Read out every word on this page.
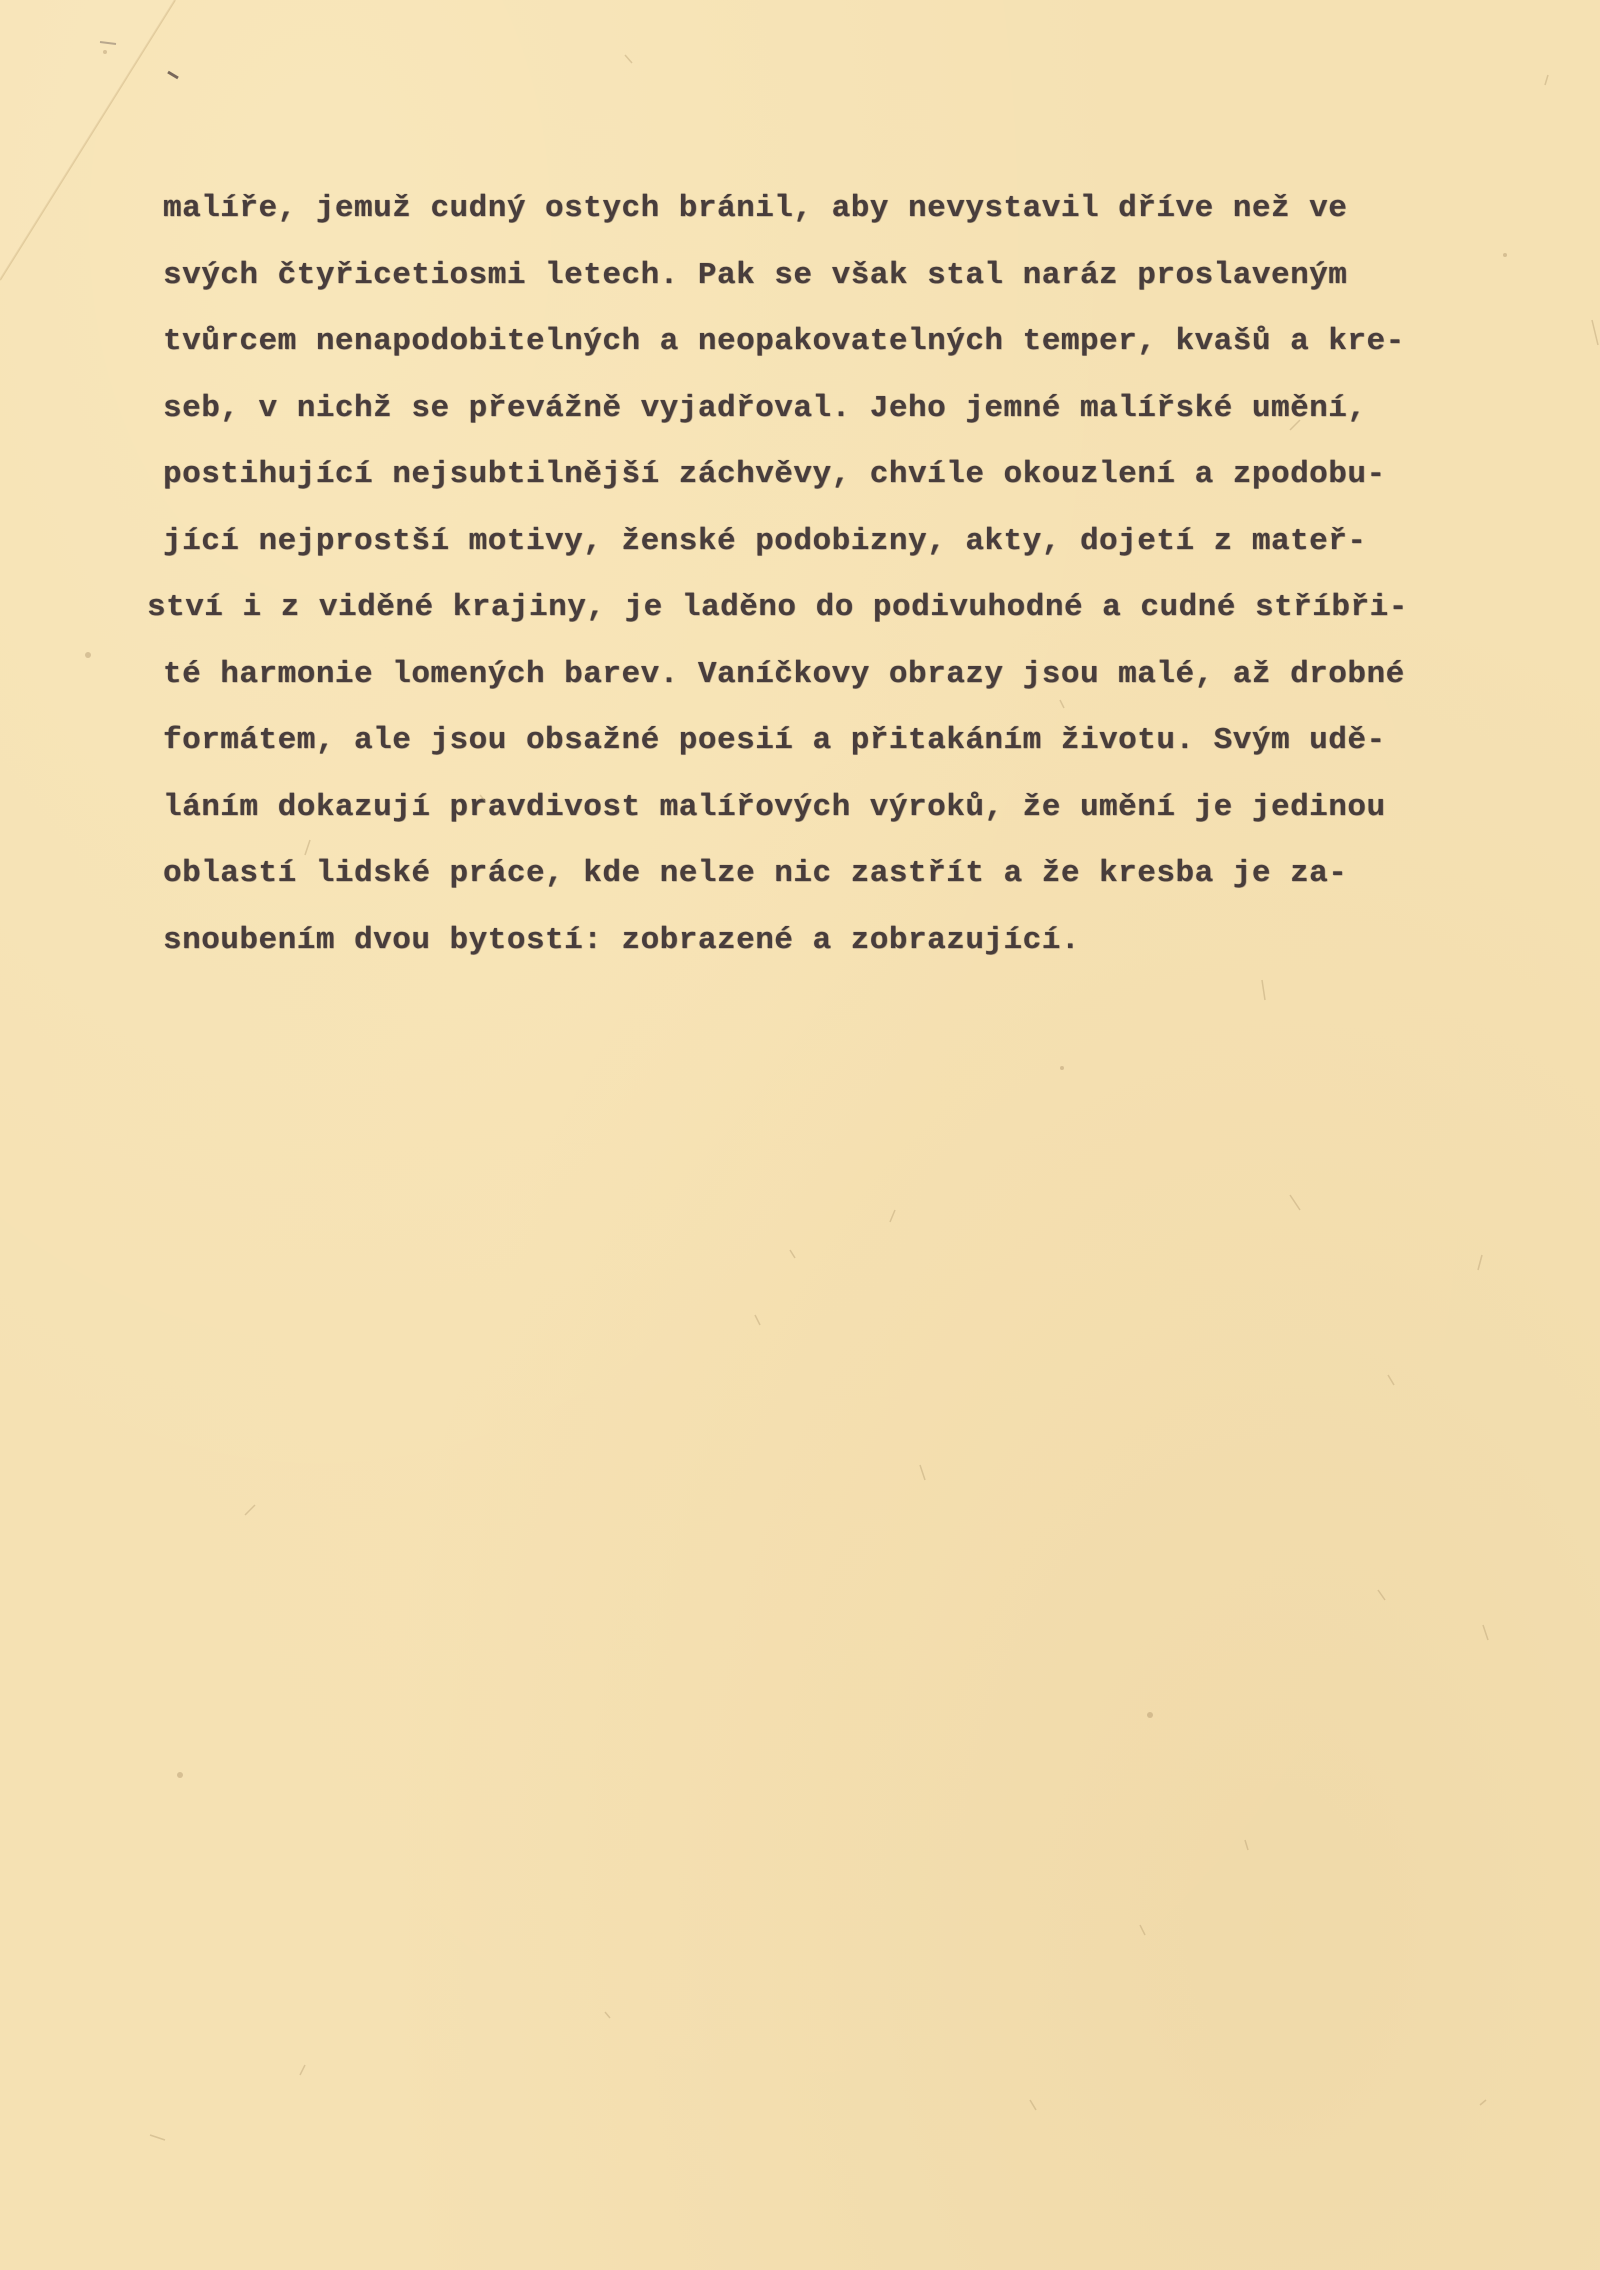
malíře, jemuž cudný ostych bránil, aby nevystavil dříve než ve
svých čtyřicetiosmi letech. Pak se však stal naráz proslaveným
tvůrcem nenapodobitelných a neopakovatelných temper, kvašů a kre-
seb, v nichž se převážně vyjadřoval. Jeho jemné malířské umění,
postihující nejsubtilnější záchvěvy, chvíle okouzlení a zpodobu-
jící nejprostší motivy, ženské podobizny, akty, dojetí z mateř-
ství i z viděné krajiny, je laděno do podivuhodné a cudné stříbři-
té harmonie lomených barev. Vaníčkovy obrazy jsou malé, až drobné
formátem, ale jsou obsažné poesií a přitakáním životu. Svým udě-
láním dokazují pravdivost malířových výroků, že umění je jedinou
oblastí lidské práce, kde nelze nic zastřít a že kresba je za-
snoubením dvou bytostí: zobrazené a zobrazující.
